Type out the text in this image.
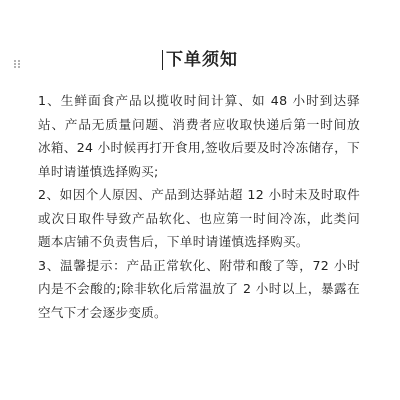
下单须知

1、生鲜面食产品以揽收时间计算、如 48 小时到达驿站、产品无质量问题、消费者应收取快递后第一时间放冰箱、24 小时候再打开食用,签收后要及时冷冻储存，下单时请谨慎选择购买;

2、如因个人原因、产品到达驿站超 12 小时未及时取件或次日取件导致产品软化、也应第一时间冷冻，此类问题本店铺不负责售后，下单时请谨慎选择购买。

3、温馨提示：产品正常软化、附带和酸了等，72 小时内是不会酸的;除非软化后常温放了 2 小时以上，暴露在空气下才会逐步变质。
